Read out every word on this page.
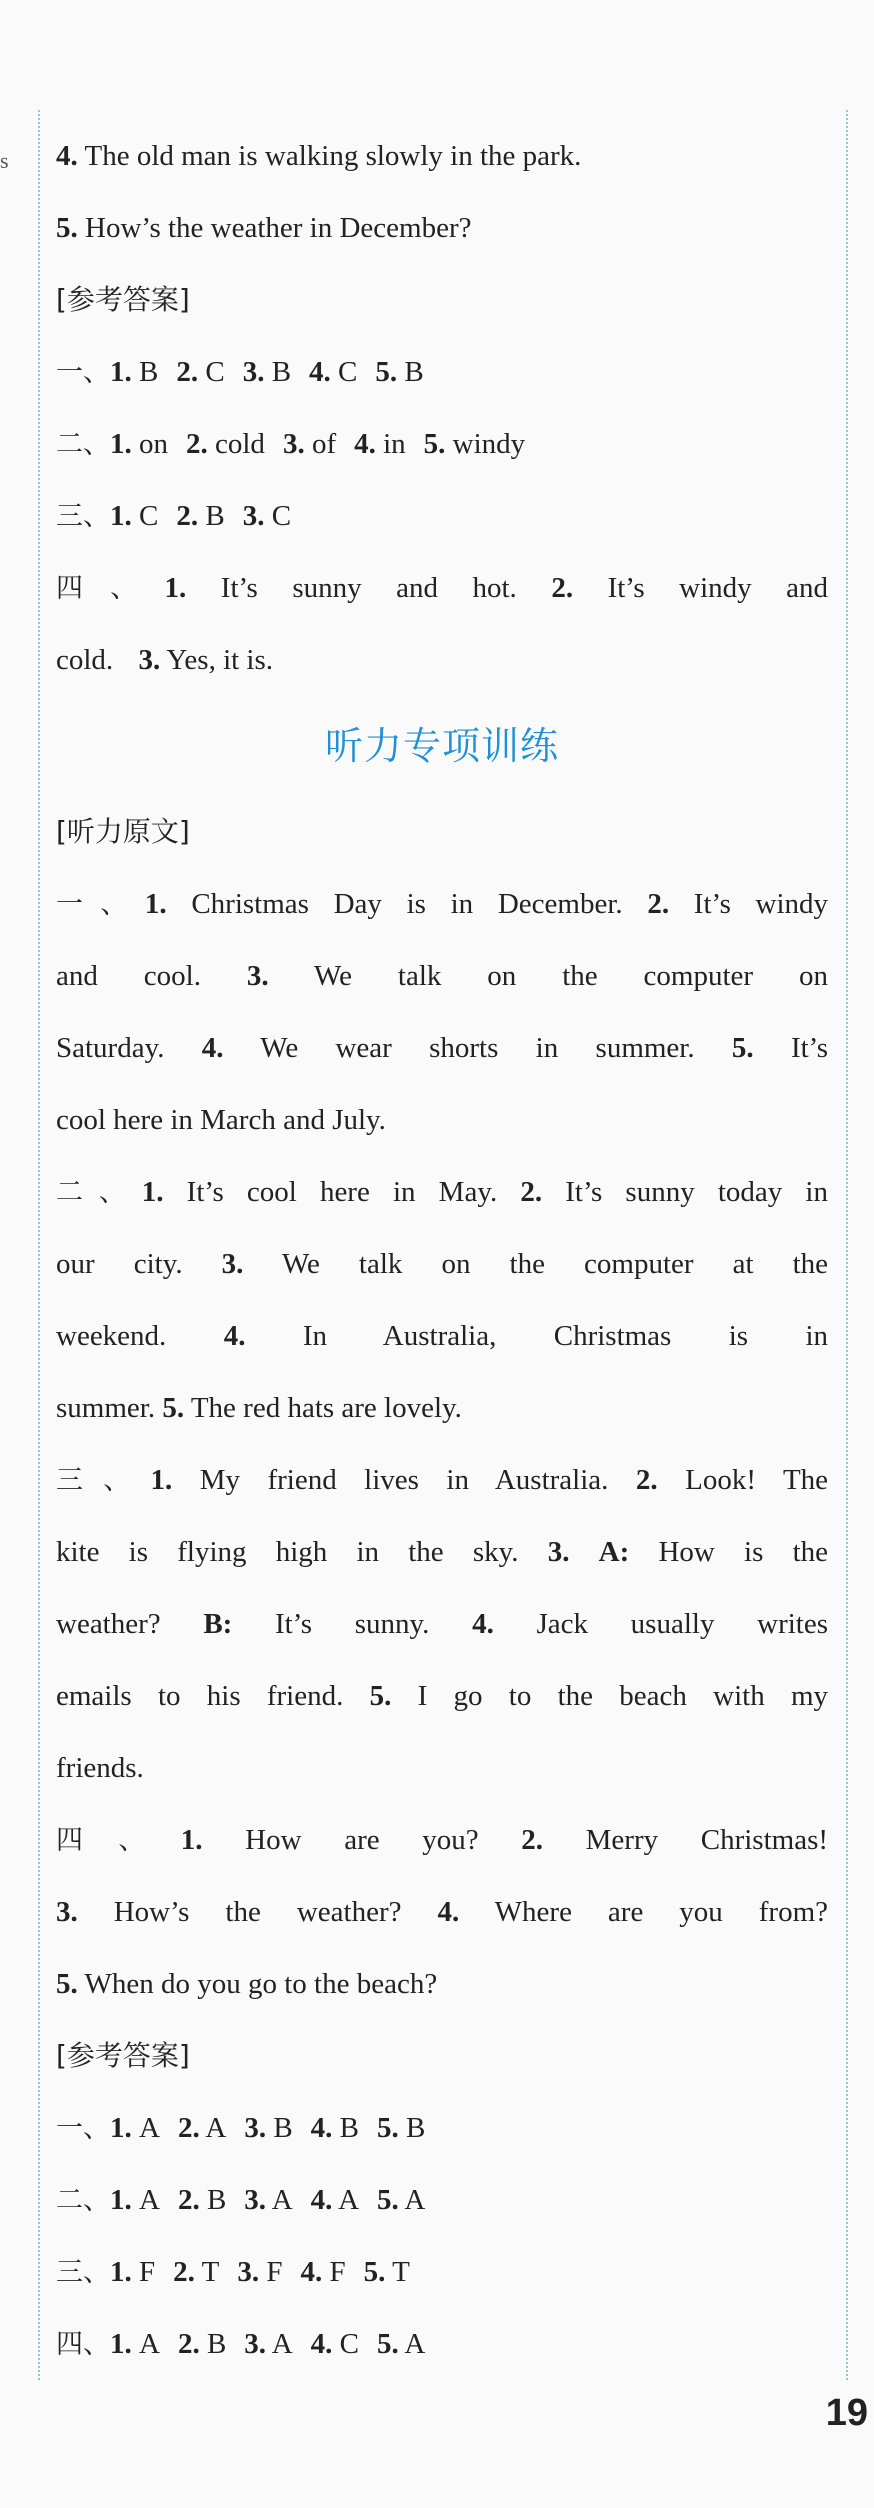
s 4. The old man is walking slowly in the park.
5. How’s the weather in December?
[参考答案]
一、1. B 2. C 3. B 4. C 5. B
二、1. on 2. cold 3. of 4. in 5. windy
三、1. C 2. B 3. C
四、1. It’s sunny and hot. 2. It’s windy and
cold. 3. Yes, it is.
听力专项训练
[听力原文]
一、1. Christmas Day is in December. 2. It’s windy
and cool. 3. We talk on the computer on
Saturday. 4. We wear shorts in summer. 5. It’s
cool here in March and July.
二、1. It’s cool here in May. 2. It’s sunny today in
our city. 3. We talk on the computer at the
weekend. 4. In Australia, Christmas is in
summer. 5. The red hats are lovely.
三、1. My friend lives in Australia. 2. Look! The
kite is flying high in the sky. 3. A: How is the
weather? B: It’s sunny. 4. Jack usually writes
emails to his friend. 5. I go to the beach with my
friends.
四、1. How are you? 2. Merry Christmas!
3. How’s the weather? 4. Where are you from?
5. When do you go to the beach?
[参考答案]
一、1. A 2. A 3. B 4. B 5. B
二、1. A 2. B 3. A 4. A 5. A
三、1. F 2. T 3. F 4. F 5. T
四、1. A 2. B 3. A 4. C 5. A
19
